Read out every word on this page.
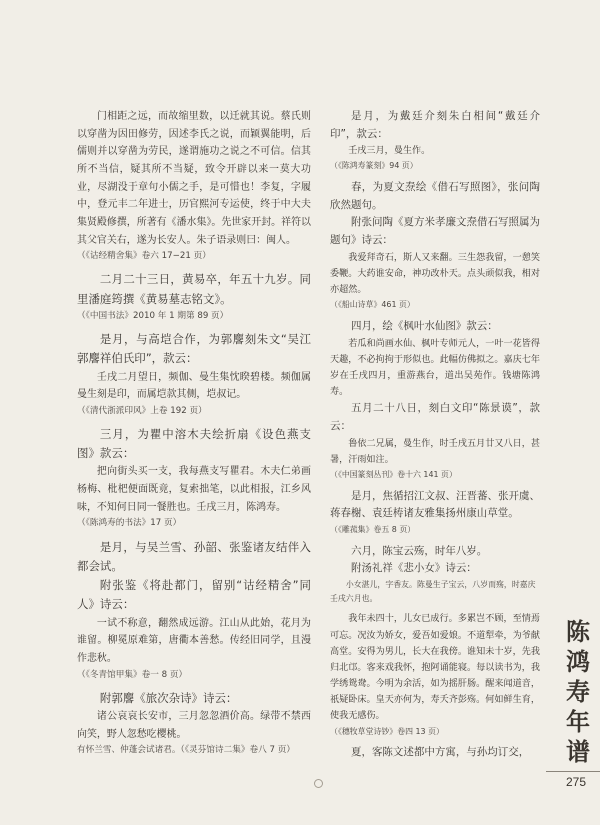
门相距之远，而故缩里数，以迁就其说。蔡氏则以穿凿为因田修劳，因述李氏之说，而颖翼能明，后儒则并以穿凿为劳民，遂谓施功之说之不可信。信其所不当信，疑其所不当疑，致令开辟以来一莫大功业，尽湖没于章句小儒之手，是可惜也！李复，字履中，登元丰二年进士，历官熙河专运使，终于中大夫集贤殿修撰，所著有《潘水集》。先世家开封。祥符以其父官关右，遂为长安人。朱子语录则曰：闽人。

（《诂经精舍集》卷六 17−21 页）

二月二十三日，黄易卒，年五十九岁。同里潘庭筠撰《黄易墓志铭文》。

（《中国书法》2010 年 1 期第 89 页）

是月，与高垲合作，为郭麐刻朱文“吴江郭麐祥伯氏印”，款云：

壬戌二月望日，频伽、曼生集忱睽碧楼。频伽属曼生刻是印，而属垲款其侧，垲叔记。

（《清代浙派印风》上卷 192 页）

三月，为瞿中溶木夫绘折扇《设色燕支图》款云：

把向街头买一支，我每燕支写瞿君。木夫仁弟画杨梅、枇杷便面既竟，复索拙笔，以此相报，江乡风味，不知何日同一餐胜也。壬戌三月，陈鸿寿。

（《陈鸿寿的书法》17 页）

是月，与吴兰雪、孙韶、张鉴诸友结伴入都会试。

附张鉴《将赴都门，留别“诂经精舍”同人》诗云：

一试不称意，翻然成远游。江山从此始，花月为谁留。柳冕原难第，唐衢本善愁。传经旧同学，且漫作悲秋。

（《冬青馆甲集》卷一 8 页）

附郭麐《旅次杂诗》诗云：

诸公哀哀长安市，三月忽忽酒价高。绿带不禁西向笑，野人忽愁吃樱桃。

有怀兰雪、仲蓬会试诸君。（《灵芬馆诗二集》卷八 7 页）

是月，为戴廷介刻朱白相间“戴廷介印”，款云：

壬戌三月，曼生作。

（《陈鸿寿篆刻》94 页）

春，为夏文焘绘《借石写照图》，张问陶欣然题句。

附张问陶《夏方米孝廉文焘借石写照属为题句》诗云：

我爱拜奇石，斯人又来翻。三生怨我留，一憩笑委鞭。大药谁安命，神功改朴天。点头顽似我，相对亦超然。

（《船山诗草》461 页）

四月，绘《枫叶水仙图》款云：

若瓜和尚画水仙、枫叶专师元人，一叶一花皆得天趣，不必拘拘于形似也。此幅仿佛拟之。嘉庆七年岁在壬戌四月，重游燕台，道出吴苑作。钱塘陈鸿寿。

五月二十八日，刻白文印“陈景谟”，款云：

鲁依二兄属，曼生作，时壬戌五月廿又八日，甚暑，汗雨如注。

（《中国篆刻丛刊》卷十六 141 页）

是月，焦循招江文叔、汪晋蕃、张开虞、蒋春榭、袁廷梼诸友雅集扬州康山草堂。

（《雕菰集》卷五 8 页）

六月，陈宝云殇，时年八岁。

附汤礼祥《悲小女》诗云：

小女湛儿，字香友。陈曼生子宝云，八岁而殇，时嘉庆壬戌六月也。

我年未四十，儿女已成行。多累岂不顾，至情焉可忘。况汝为娇女，爱吾如爱娘。不道犁牵，为爷献高堂。安得为男儿，长大在我傍。谁知未十岁，先我归北邙。客来戏我怀，抱阿诵能寝。每以读书为，我学绣鸳鸯。今明为余活，如为摇肝肠。醒来闻道音，祇疑卧床。皇天亦何为，寿夭齐彭殇。何如鲜生育，使我无感伤。

（《穗牧草堂诗钞》卷四 13 页）

夏，客陈文述都中方寓，与孙均订交，

陈鸿寿年谱
275
